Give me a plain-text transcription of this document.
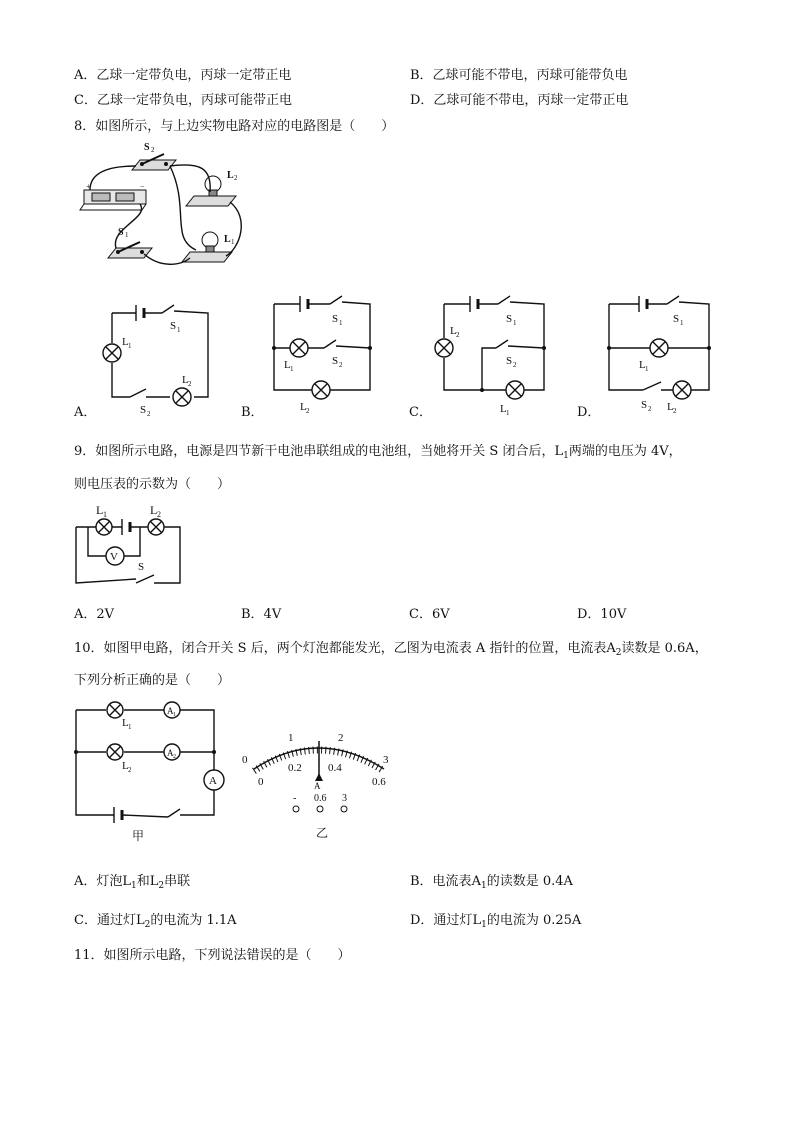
A．乙球一定带负电，丙球一定带正电	B．乙球可能不带电，丙球可能带负电
C．乙球一定带负电，丙球可能带正电	D．乙球可能不带电，丙球一定带正电
8．如图所示，与上边实物电路对应的电路图是（　　）
+	−
S 2
L 2
L 1
S 1
S 1
L 1
S 2
L 2
A．
S 1
S 2
L 1
L 2
B．
S 1
L 2
S 2
L 1
C．
S 1
L 1
S 2 L 2
D．
9．如图所示电路，电源是四节新干电池串联组成的电池组，当她将开关 S 闭合后，$L_1$两端的电压为 4V，
则电压表的示数为（　　）
L 1	L 2
V
S
A．2V	B．4V	C．6V	D．10V
10．如图甲电路，闭合开关 S 后，两个灯泡都能发光，乙图为电流表 A 指针的位置，电流表$A_2$读数是 0.6A，
下列分析正确的是（　　）
L 1
A 1
L 2
A 2
A
甲
0
1	2
3
0
0.2 0.4
0.6
A
- 0.6 3
乙
A．灯泡$L_1$和$L_2$串联	B．电流表$A_1$的读数是 0.4A
C．通过灯$L_2$的电流为 1.1A	D．通过灯$L_1$的电流为 0.25A
11．如图所示电路，下列说法错误的是（　　）
